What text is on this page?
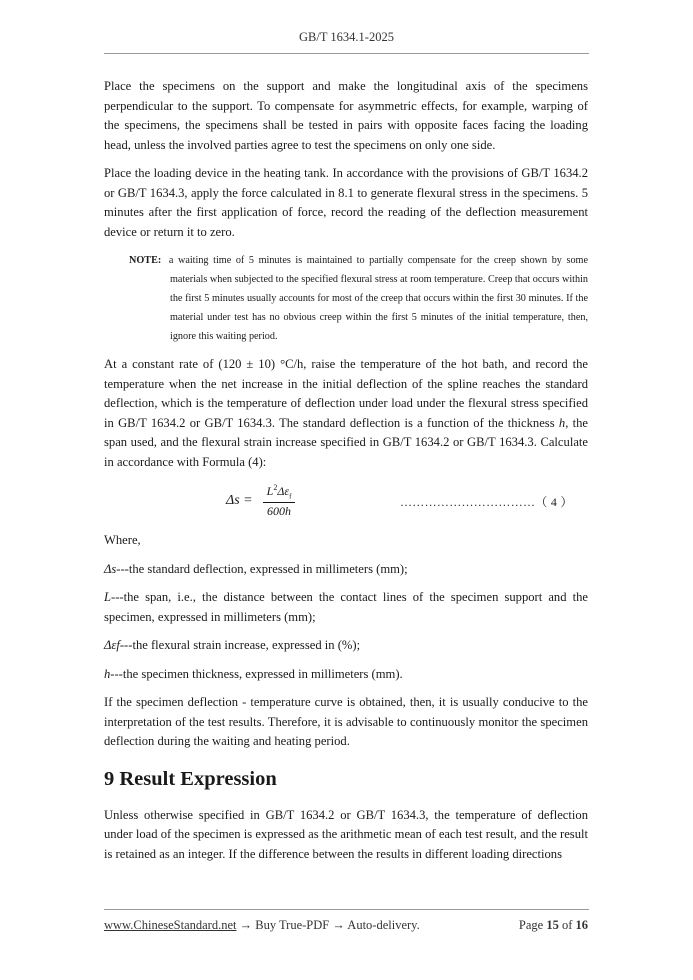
GB/T 1634.1-2025

Place the specimens on the support and make the longitudinal axis of the specimens perpendicular to the support. To compensate for asymmetric effects, for example, warping of the specimens, the specimens shall be tested in pairs with opposite faces facing the loading head, unless the involved parties agree to test the specimens on only one side.

Place the loading device in the heating tank. In accordance with the provisions of GB/T 1634.2 or GB/T 1634.3, apply the force calculated in 8.1 to generate flexural stress in the specimens. 5 minutes after the first application of force, record the reading of the deflection measurement device or return it to zero.

NOTE: a waiting time of 5 minutes is maintained to partially compensate for the creep shown by some materials when subjected to the specified flexural stress at room temperature. Creep that occurs within the first 5 minutes usually accounts for most of the creep that occurs within the first 30 minutes. If the material under test has no obvious creep within the first 5 minutes of the initial temperature, then, ignore this waiting period.

At a constant rate of (120 ± 10) °C/h, raise the temperature of the hot bath, and record the temperature when the net increase in the initial deflection of the spline reaches the standard deflection, which is the temperature of deflection under load under the flexural stress specified in GB/T 1634.2 or GB/T 1634.3. The standard deflection is a function of the thickness h, the span used, and the flexural strain increase specified in GB/T 1634.2 or GB/T 1634.3. Calculate in accordance with Formula (4):

$\Delta s = \frac{L^2\Delta\varepsilon_f}{600h}$	……………………………（ 4 ）

Where,

Δs---the standard deflection, expressed in millimeters (mm);

L---the span, i.e., the distance between the contact lines of the specimen support and the specimen, expressed in millimeters (mm);

Δεf---the flexural strain increase, expressed in (%);

h---the specimen thickness, expressed in millimeters (mm).

If the specimen deflection - temperature curve is obtained, then, it is usually conducive to the interpretation of the test results. Therefore, it is advisable to continuously monitor the specimen deflection during the waiting and heating period.

9 Result Expression

Unless otherwise specified in GB/T 1634.2 or GB/T 1634.3, the temperature of deflection under load of the specimen is expressed as the arithmetic mean of each test result, and the result is retained as an integer. If the difference between the results in different loading directions

www.ChineseStandard.net → Buy True-PDF → Auto-delivery.	Page 15 of 16
